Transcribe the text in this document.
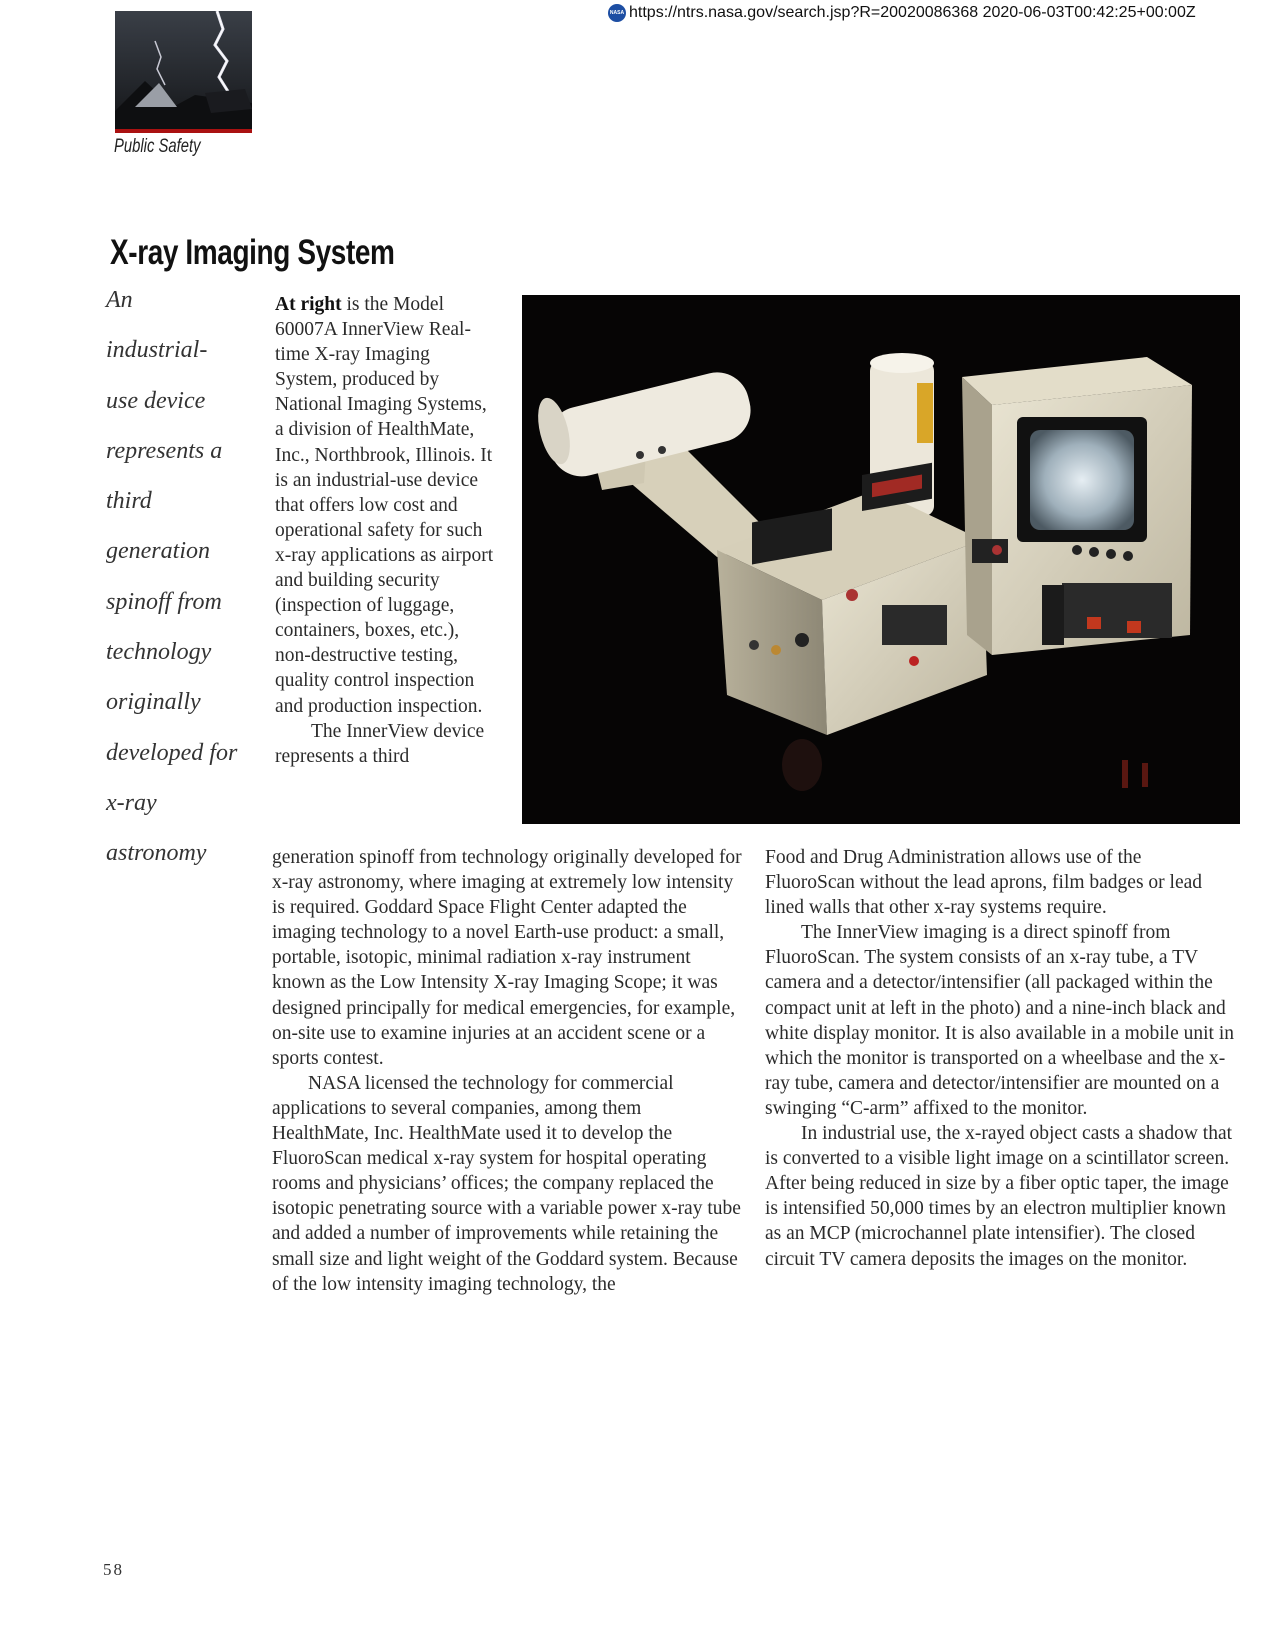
NASA https://ntrs.nasa.gov/search.jsp?R=20020086368 2020-06-03T00:42:25+00:00Z
Public Safety
X-ray Imaging System
An
industrial-
use device
represents a
third
generation
spinoff from
technology
originally
developed for
x-ray
astronomy

At right is the Model 60007A InnerView Real-time X-ray Imaging System, produced by National Imaging Systems, a division of HealthMate, Inc., Northbrook, Illinois. It is an industrial-use device that offers low cost and operational safety for such x-ray applications as airport and building security (inspection of luggage, containers, boxes, etc.), non-destructive testing, quality control inspection and production inspection.

The InnerView device represents a third

generation spinoff from technology originally developed for x-ray astronomy, where imaging at extremely low intensity is required. Goddard Space Flight Center adapted the imaging technology to a novel Earth-use product: a small, portable, isotopic, minimal radiation x-ray instrument known as the Low Intensity X-ray Imaging Scope; it was designed principally for medical emergencies, for example, on-site use to examine injuries at an accident scene or a sports contest.

NASA licensed the technology for commercial applications to several companies, among them HealthMate, Inc. HealthMate used it to develop the FluoroScan medical x-ray system for hospital operating rooms and physicians’ offices; the company replaced the isotopic penetrating source with a variable power x-ray tube and added a number of improvements while retaining the small size and light weight of the Goddard system. Because of the low intensity imaging technology, the

Food and Drug Administration allows use of the FluoroScan without the lead aprons, film badges or lead lined walls that other x-ray systems require.

The InnerView imaging is a direct spinoff from FluoroScan. The system consists of an x-ray tube, a TV camera and a detector/intensifier (all packaged within the compact unit at left in the photo) and a nine-inch black and white display monitor. It is also available in a mobile unit in which the monitor is transported on a wheelbase and the x-ray tube, camera and detector/intensifier are mounted on a swinging “C-arm” affixed to the monitor.

In industrial use, the x-rayed object casts a shadow that is converted to a visible light image on a scintillator screen. After being reduced in size by a fiber optic taper, the image is intensified 50,000 times by an electron multiplier known as an MCP (microchannel plate intensifier). The closed circuit TV camera deposits the images on the monitor.

58
